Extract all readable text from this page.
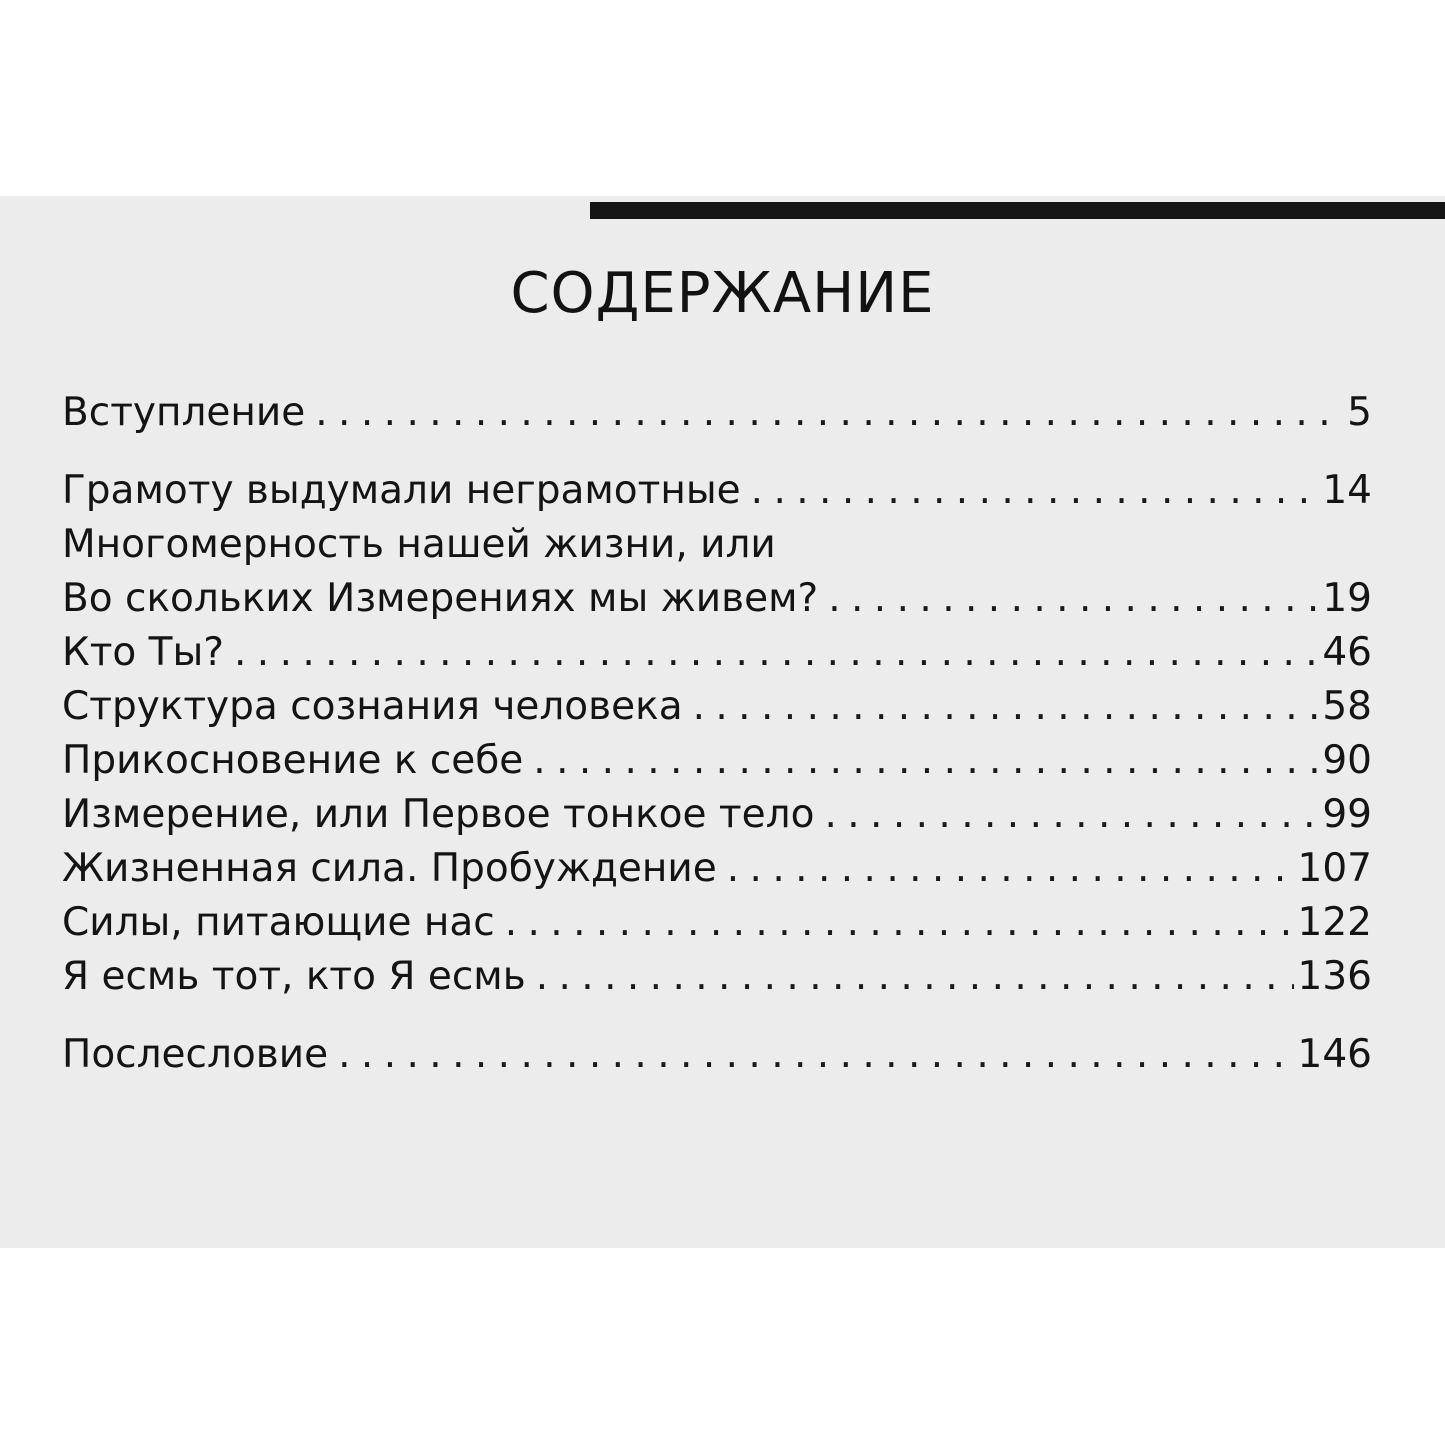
СОДЕРЖАНИЕ
Вступление . . .	5
Грамоту выдумали неграмотные . . .	14
Многомерность нашей жизни, или
Во скольких Измерениях мы живем? . . .	19
Кто Ты? . . .	46
Структура сознания человека . . .	58
Прикосновение к себе . . .	90
Измерение, или Первое тонкое тело . . .	99
Жизненная сила. Пробуждение . . .	107
Силы, питающие нас . . .	122
Я есмь тот, кто Я есмь . . .	136
Послесловие . . .	146
